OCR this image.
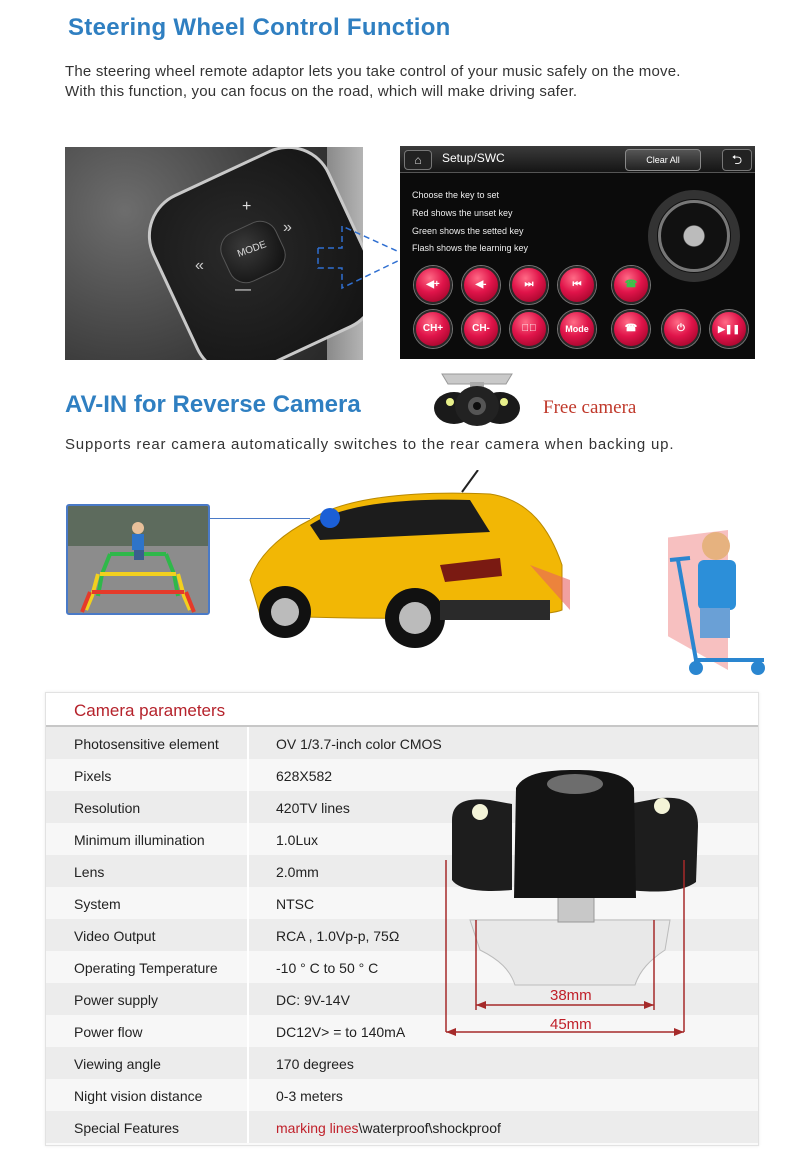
Steering Wheel Control Function
The steering wheel remote adaptor lets you take control of your music safely on the move.
With this function, you can focus on the road, which will make driving safer.
MODE
+
—
«
»
⌂	Setup/SWC	Clear All	⮌
Choose the key to set
Red shows the unset key
Green shows the setted key
Flash shows the learning key
◀+	◀-	⏭	⏮	☎
CH+	CH-	◀⃠	Mode	☎	⏻	▶❚❚
AV-IN for Reverse Camera	Free camera
Supports rear camera automatically switches to the rear camera when backing up.
Camera parameters
Photosensitive element	OV 1/3.7-inch color CMOS
Pixels	628X582
Resolution	420TV lines
Minimum illumination	1.0Lux
Lens	2.0mm
System	NTSC
Video Output	RCA , 1.0Vp-p, 75Ω
Operating Temperature	-10 ° C to 50 ° C
Power supply	DC: 9V-14V
Power flow	DC12V> = to 140mA
Viewing angle	170 degrees
Night vision distance	0-3 meters
Special Features	marking lines\waterproof\shockproof
38mm
45mm
